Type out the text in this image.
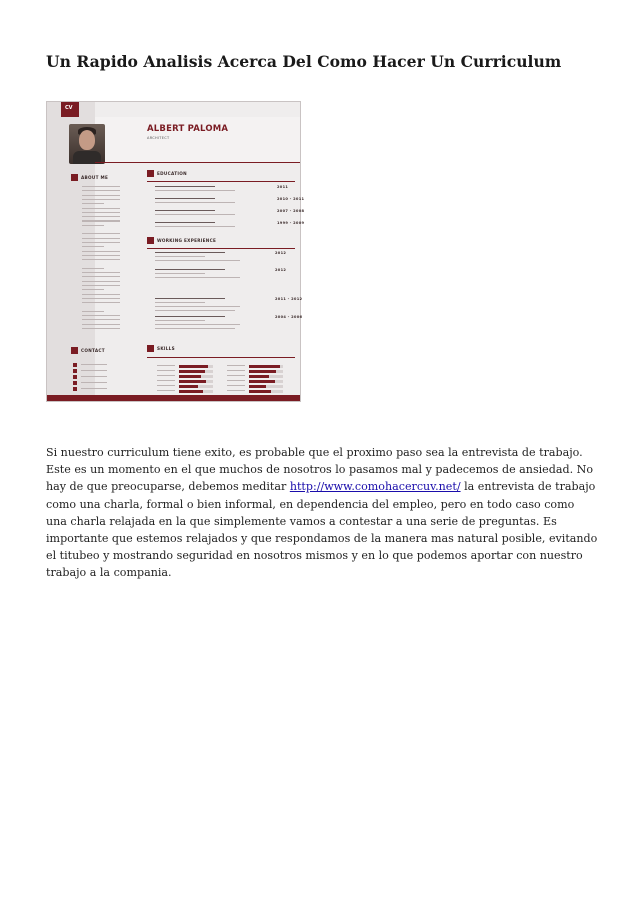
Un Rapido Analisis Acerca Del Como Hacer Un Curriculum
CV
ALBERT PALOMA
ARCHITECT
ABOUT ME
CONTACT
EDUCATION
WORKING EXPERIENCE
SKILLS
2011
2010 - 2011
2007 - 2008
1999 - 2009
2012
2012
2011 - 2012
2004 - 2006

Si nuestro curriculum tiene exito, es probable que el proximo paso sea la entrevista de trabajo. Este es un momento en el que muchos de nosotros lo pasamos mal y padecemos de ansiedad. No hay de que preocuparse, debemos meditar http://www.comohacercuv.net/ la entrevista de trabajo como una charla, formal o bien informal, en dependencia del empleo, pero en todo caso como una charla relajada en la que simplemente vamos a contestar a una serie de preguntas. Es importante que estemos relajados y que respondamos de la manera mas natural posible, evitando el titubeo y mostrando seguridad en nosotros mismos y en lo que podemos aportar con nuestro trabajo a la compania.
